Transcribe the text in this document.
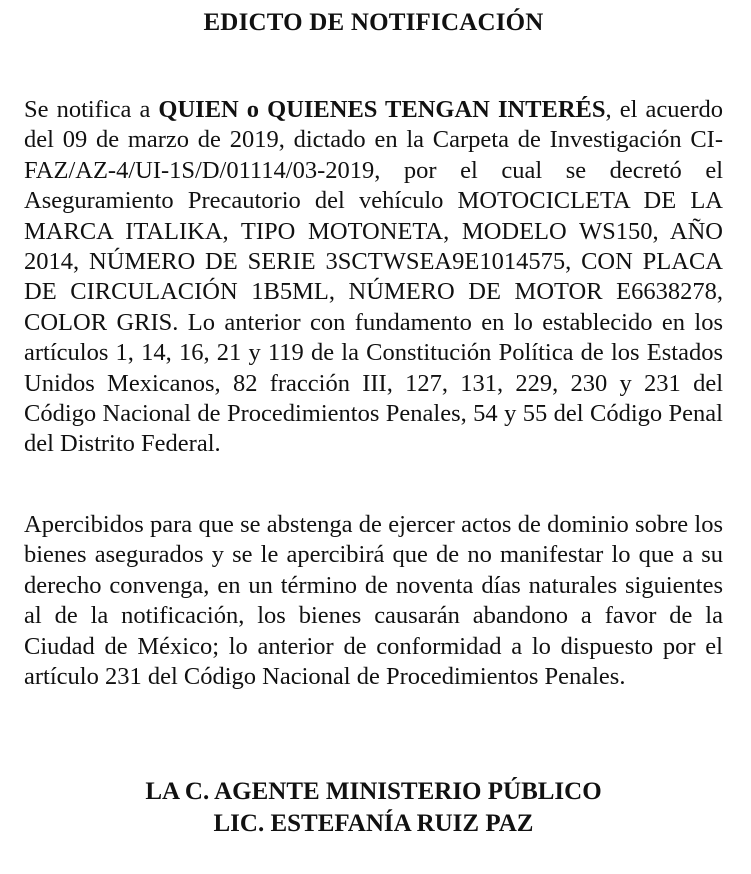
EDICTO DE NOTIFICACIÓN

Se notifica a QUIEN o QUIENES TENGAN INTERÉS, el acuerdo del 09 de marzo de 2019, dictado en la Carpeta de Investigación CI-FAZ/AZ-4/UI-1S/D/01114/03-2019, por el cual se decretó el Aseguramiento Precautorio del vehículo MOTOCICLETA DE LA MARCA ITALIKA, TIPO MOTONETA, MODELO WS150, AÑO 2014, NÚMERO DE SERIE 3SCTWSEA9E1014575, CON PLACA DE CIRCULACIÓN 1B5ML, NÚMERO DE MOTOR E6638278, COLOR GRIS. Lo anterior con fundamento en lo establecido en los artículos 1, 14, 16, 21 y 119 de la Constitución Política de los Estados Unidos Mexicanos, 82 fracción III, 127, 131, 229, 230 y 231 del Código Nacional de Procedimientos Penales, 54 y 55 del Código Penal del Distrito Federal.

Apercibidos para que se abstenga de ejercer actos de dominio sobre los bienes asegurados y se le apercibirá que de no manifestar lo que a su derecho convenga, en un término de noventa días naturales siguientes al de la notificación, los bienes causarán abandono a favor de la Ciudad de México; lo anterior de conformidad a lo dispuesto por el artículo 231 del Código Nacional de Procedimientos Penales.

LA C. AGENTE MINISTERIO PÚBLICO
LIC. ESTEFANÍA RUIZ PAZ
